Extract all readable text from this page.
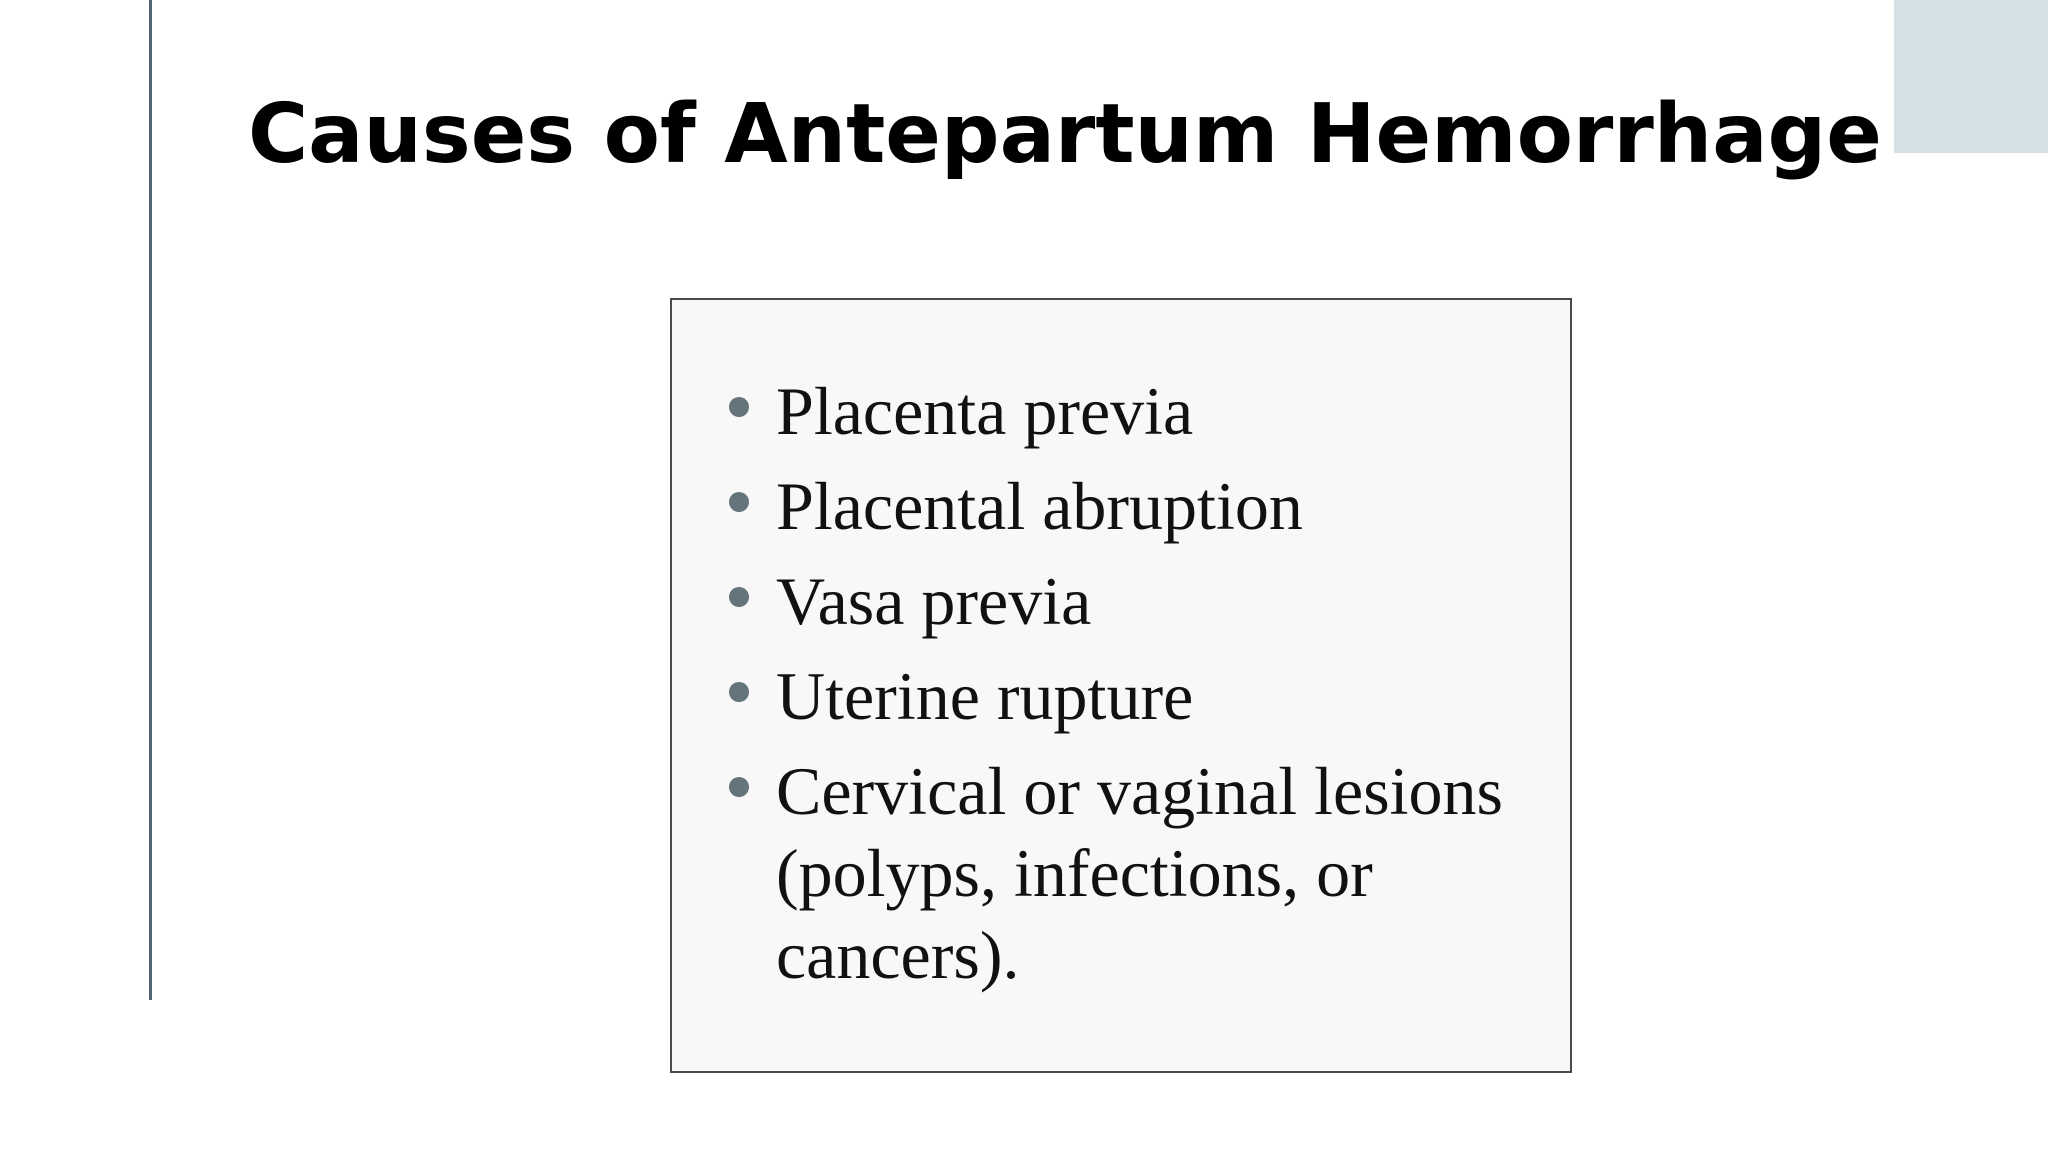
Causes of Antepartum Hemorrhage
Placenta previa
Placental abruption
Vasa previa
Uterine rupture
Cervical or vaginal lesions (polyps, infections, or cancers).
